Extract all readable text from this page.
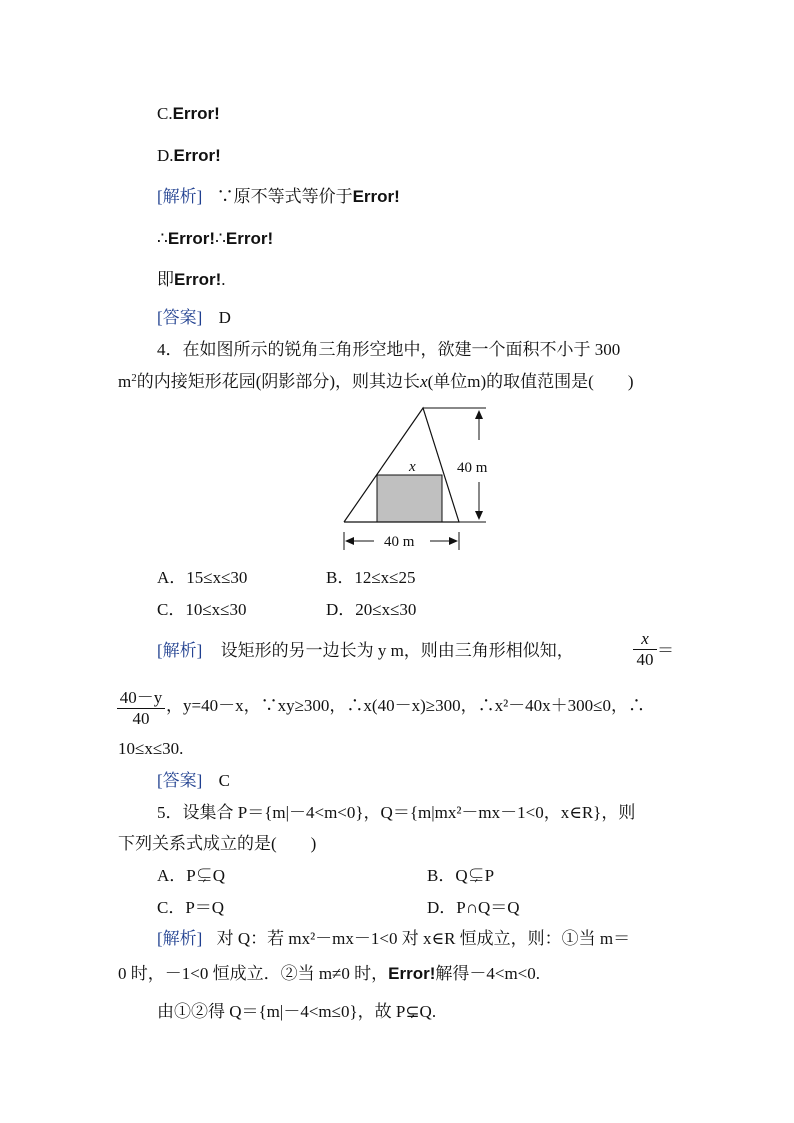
C.Error!
D.Error!
[解析] ∵原不等式等价于Error!
∴Error!∴Error!
即Error!.
[答案] D
4．在如图所示的锐角三角形空地中，欲建一个面积不小于 300
$m^2$的内接矩形花园(阴影部分)，则其边长x(单位m)的取值范围是(　　)
x	40 m
40 m
A．15≤x≤30	B．12≤x≤25
C．10≤x≤30	D．20≤x≤30
[解析] 设矩形的另一边长为 y m，则由三角形相似知，	$\frac{x}{40}$ ＝
$\frac{40-y}{40}$ ，y=40－x，∵xy≥300，∴x(40－x)≥300，∴x²－40x＋300≤0，∴
10≤x≤30.
[答案] C
5．设集合 P＝{m|－4<m<0}，Q＝{m|mx²－mx－1<0，x∈R}，则
下列关系式成立的是(　　)
A．P⊊Q	B．Q⊊P
C．P＝Q	D．P∩Q＝Q
[解析] 对 Q：若 mx²－mx－1<0 对 x∈R 恒成立，则：①当 m＝
0 时，－1<0 恒成立．②当 m≠0 时，Error!解得－4<m<0.
由①②得 Q＝{m|－4<m≤0}，故 P⊊Q.
